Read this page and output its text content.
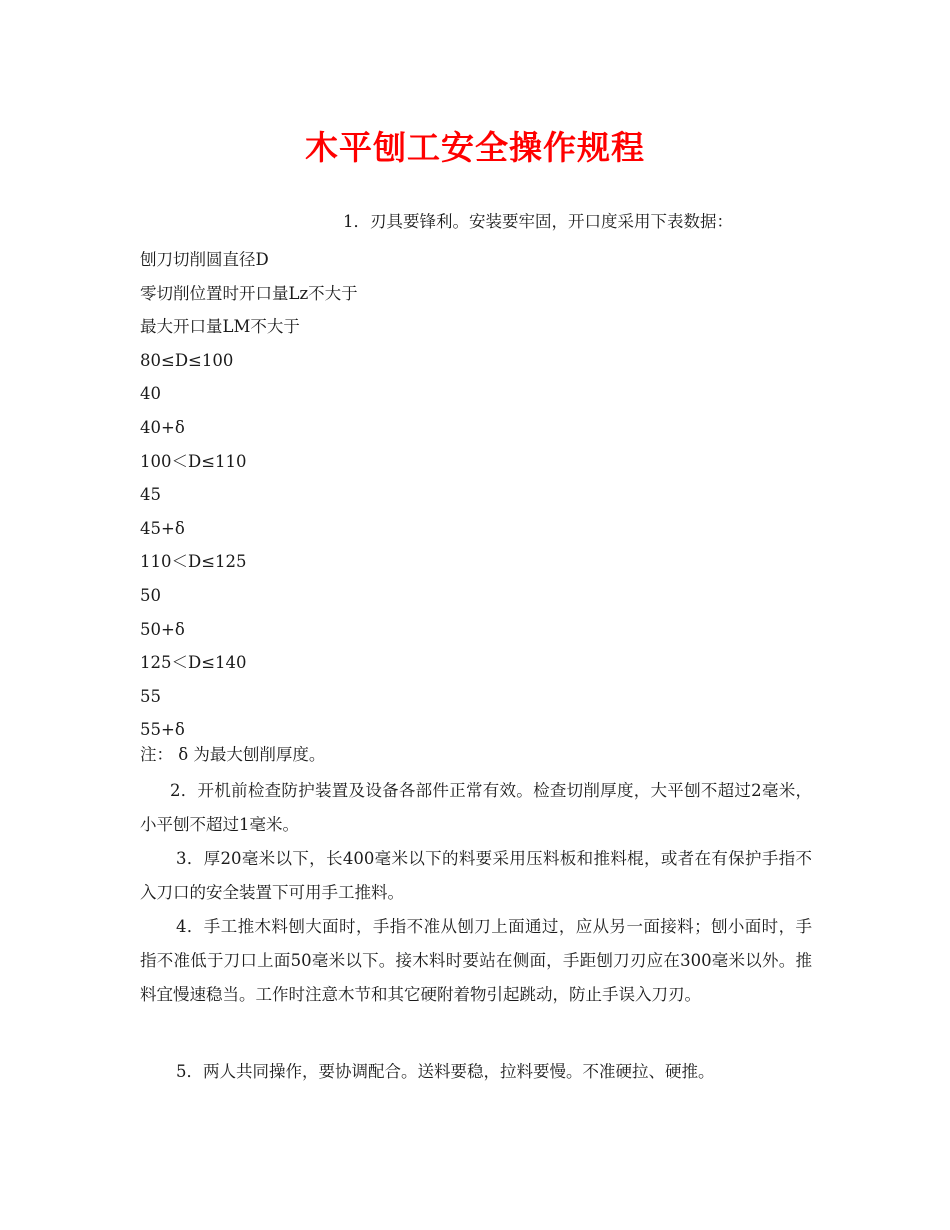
木平刨工安全操作规程

1．刃具要锋利。安装要牢固，开口度采用下表数据：

刨刀切削圆直径D
零切削位置时开口量Lz不大于
最大开口量LM不大于
80≤D≤100
40
40+δ
100＜D≤110
45
45+δ
110＜D≤125
50
50+δ
125＜D≤140
55
55+δ

注： δ 为最大刨削厚度。

2．开机前检查防护装置及设备各部件正常有效。检查切削厚度，大平刨不超过2毫米，小平刨不超过1毫米。

3．厚20毫米以下，长400毫米以下的料要采用压料板和推料棍，或者在有保护手指不入刀口的安全装置下可用手工推料。

4．手工推木料刨大面时，手指不准从刨刀上面通过，应从另一面接料；刨小面时，手指不准低于刀口上面50毫米以下。接木料时要站在侧面，手距刨刀刃应在300毫米以外。推料宜慢速稳当。工作时注意木节和其它硬附着物引起跳动，防止手误入刀刃。

5．两人共同操作，要协调配合。送料要稳，拉料要慢。不准硬拉、硬推。
